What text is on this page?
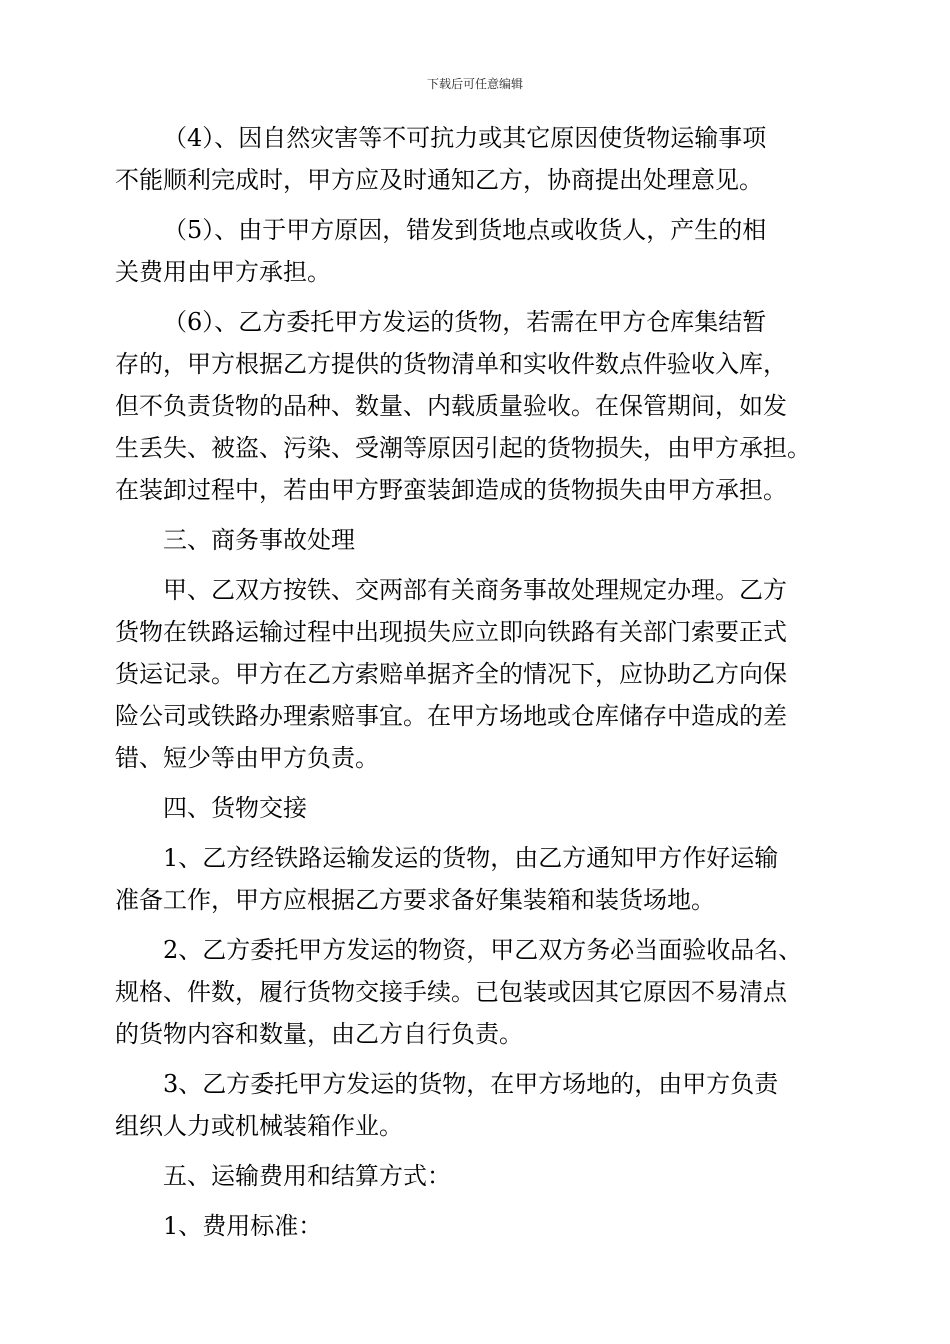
下载后可任意编辑
（4）、因自然灾害等不可抗力或其它原因使货物运输事项
不能顺利完成时，甲方应及时通知乙方，协商提出处理意见。
（5）、由于甲方原因，错发到货地点或收货人，产生的相
关费用由甲方承担。
（6）、乙方委托甲方发运的货物，若需在甲方仓库集结暂
存的，甲方根据乙方提供的货物清单和实收件数点件验收入库，
但不负责货物的品种、数量、内载质量验收。在保管期间，如发
生丢失、被盗、污染、受潮等原因引起的货物损失，由甲方承担。
在装卸过程中，若由甲方野蛮装卸造成的货物损失由甲方承担。
三、商务事故处理
甲、乙双方按铁、交两部有关商务事故处理规定办理。乙方
货物在铁路运输过程中出现损失应立即向铁路有关部门索要正式
货运记录。甲方在乙方索赔单据齐全的情况下，应协助乙方向保
险公司或铁路办理索赔事宜。在甲方场地或仓库储存中造成的差
错、短少等由甲方负责。
四、货物交接
1、乙方经铁路运输发运的货物，由乙方通知甲方作好运输
准备工作，甲方应根据乙方要求备好集装箱和装货场地。
2、乙方委托甲方发运的物资，甲乙双方务必当面验收品名、
规格、件数，履行货物交接手续。已包装或因其它原因不易清点
的货物内容和数量，由乙方自行负责。
3、乙方委托甲方发运的货物，在甲方场地的，由甲方负责
组织人力或机械装箱作业。
五、运输费用和结算方式：
1、费用标准：
